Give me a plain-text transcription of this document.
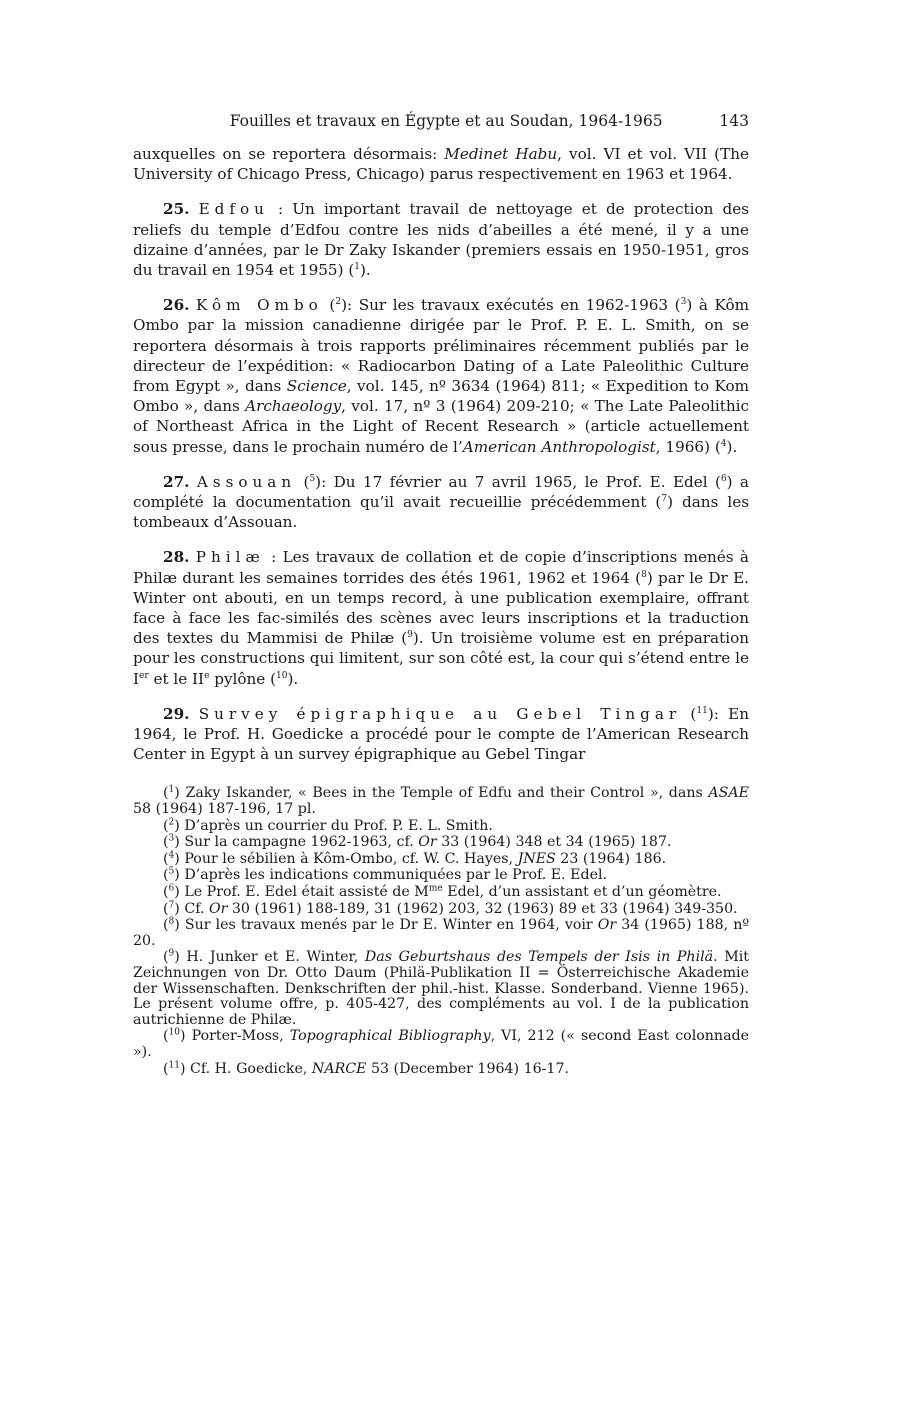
Fouilles et travaux en Égypte et au Soudan, 1964-1965	143

auxquelles on se reportera désormais: Medinet Habu, vol. VI et vol. VII (The University of Chicago Press, Chicago) parus respectivement en 1963 et 1964.

25. Edfou : Un important travail de nettoyage et de protection des reliefs du temple d’Edfou contre les nids d’abeilles a été mené, il y a une dizaine d’années, par le Dr Zaky Iskander (premiers essais en 1950-1951, gros du travail en 1954 et 1955) ($^1$).

26. Kôm Ombo ($^2$): Sur les travaux exécutés en 1962-1963 ($^3$) à Kôm Ombo par la mission canadienne dirigée par le Prof. P. E. L. Smith, on se reportera désormais à trois rapports préliminaires récemment publiés par le directeur de l’expédition: « Radiocarbon Dating of a Late Paleolithic Culture from Egypt », dans Science, vol. 145, nº 3634 (1964) 811; « Expedition to Kom Ombo », dans Archaeology, vol. 17, nº 3 (1964) 209-210; « The Late Paleolithic of Northeast Africa in the Light of Recent Research » (article actuellement sous presse, dans le prochain numéro de l’American Anthropologist, 1966) ($^4$).

27. Assouan ($^5$): Du 17 février au 7 avril 1965, le Prof. E. Edel ($^6$) a complété la documentation qu’il avait recueillie précédemment ($^7$) dans les tombeaux d’Assouan.

28. Philæ : Les travaux de collation et de copie d’inscriptions menés à Philæ durant les semaines torrides des étés 1961, 1962 et 1964 ($^8$) par le Dr E. Winter ont abouti, en un temps record, à une publication exemplaire, offrant face à face les fac-similés des scènes avec leurs inscriptions et la traduction des textes du Mammisi de Philæ ($^9$). Un troisième volume est en préparation pour les constructions qui limitent, sur son côté est, la cour qui s’étend entre le Ier et le IIe pylône ($^{10}$).

29. Survey épigraphique au Gebel Tingar ($^{11}$): En 1964, le Prof. H. Goedicke a procédé pour le compte de l’American Research Center in Egypt à un survey épigraphique au Gebel Tingar

($^1$) Zaky Iskander, « Bees in the Temple of Edfu and their Control », dans ASAE 58 (1964) 187-196, 17 pl.
($^2$) D’après un courrier du Prof. P. E. L. Smith.
($^3$) Sur la campagne 1962-1963, cf. Or 33 (1964) 348 et 34 (1965) 187.
($^4$) Pour le sébilien à Kôm-Ombo, cf. W. C. Hayes, JNES 23 (1964) 186.
($^5$) D’après les indications communiquées par le Prof. E. Edel.
($^6$) Le Prof. E. Edel était assisté de $M^{me}$ Edel, d’un assistant et d’un géomètre.
($^7$) Cf. Or 30 (1961) 188-189, 31 (1962) 203, 32 (1963) 89 et 33 (1964) 349-350.
($^8$) Sur les travaux menés par le Dr E. Winter en 1964, voir Or 34 (1965) 188, nº 20.
($^9$) H. Junker et E. Winter, Das Geburtshaus des Tempels der Isis in Philä. Mit Zeichnungen von Dr. Otto Daum (Philä-Publikation II = Österreichische Akademie der Wissenschaften. Denkschriften der phil.-hist. Klasse. Sonderband. Vienne 1965). Le présent volume offre, p. 405-427, des compléments au vol. I de la publication autrichienne de Philæ.
($^{10}$) Porter-Moss, Topographical Bibliography, VI, 212 (« second East colonnade »).
($^{11}$) Cf. H. Goedicke, NARCE 53 (December 1964) 16-17.
